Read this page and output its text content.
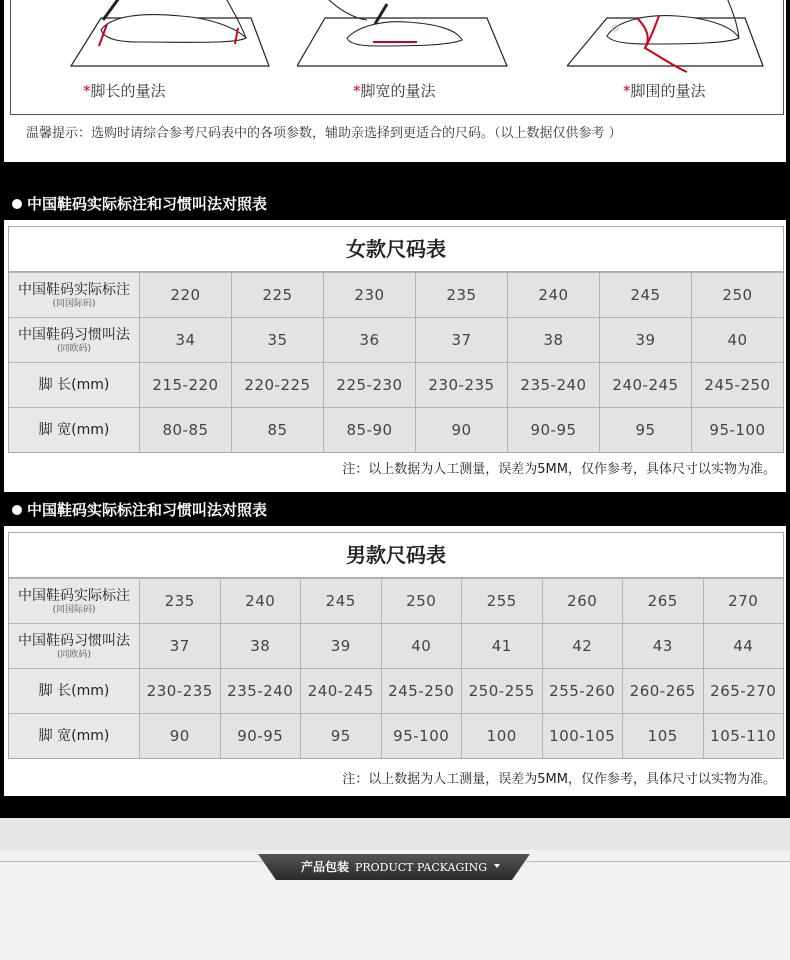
*脚长的量法	*脚宽的量法	*脚围的量法
温馨提示：选购时请综合参考尺码表中的各项参数，辅助亲选择到更适合的尺码。（以上数据仅供参考 ）
中国鞋码实际标注和习惯叫法对照表
女款尺码表
中国鞋码实际标注
(同国际码)	220	225	230	235	240	245	250
中国鞋码习惯叫法
(同欧码)	34	35	36	37	38	39	40
脚 长(mm)	215-220	220-225	225-230	230-235	235-240	240-245	245-250
脚 宽(mm)	80-85	85	85-90	90	90-95	95	95-100
注：以上数据为人工测量，误差为5MM，仅作参考，具体尺寸以实物为准。
中国鞋码实际标注和习惯叫法对照表
男款尺码表
中国鞋码实际标注
(同国际码)	235	240	245	250	255	260	265	270
中国鞋码习惯叫法
(同欧码)	37	38	39	40	41	42	43	44
脚 长(mm)	230-235 235-240 240-245 245-250 250-255 255-260 260-265 265-270
脚 宽(mm)	90	90-95	95	95-100	100	100-105	105	105-110
注：以上数据为人工测量，误差为5MM，仅作参考，具体尺寸以实物为准。
产品包装 PRODUCT PACKAGING
